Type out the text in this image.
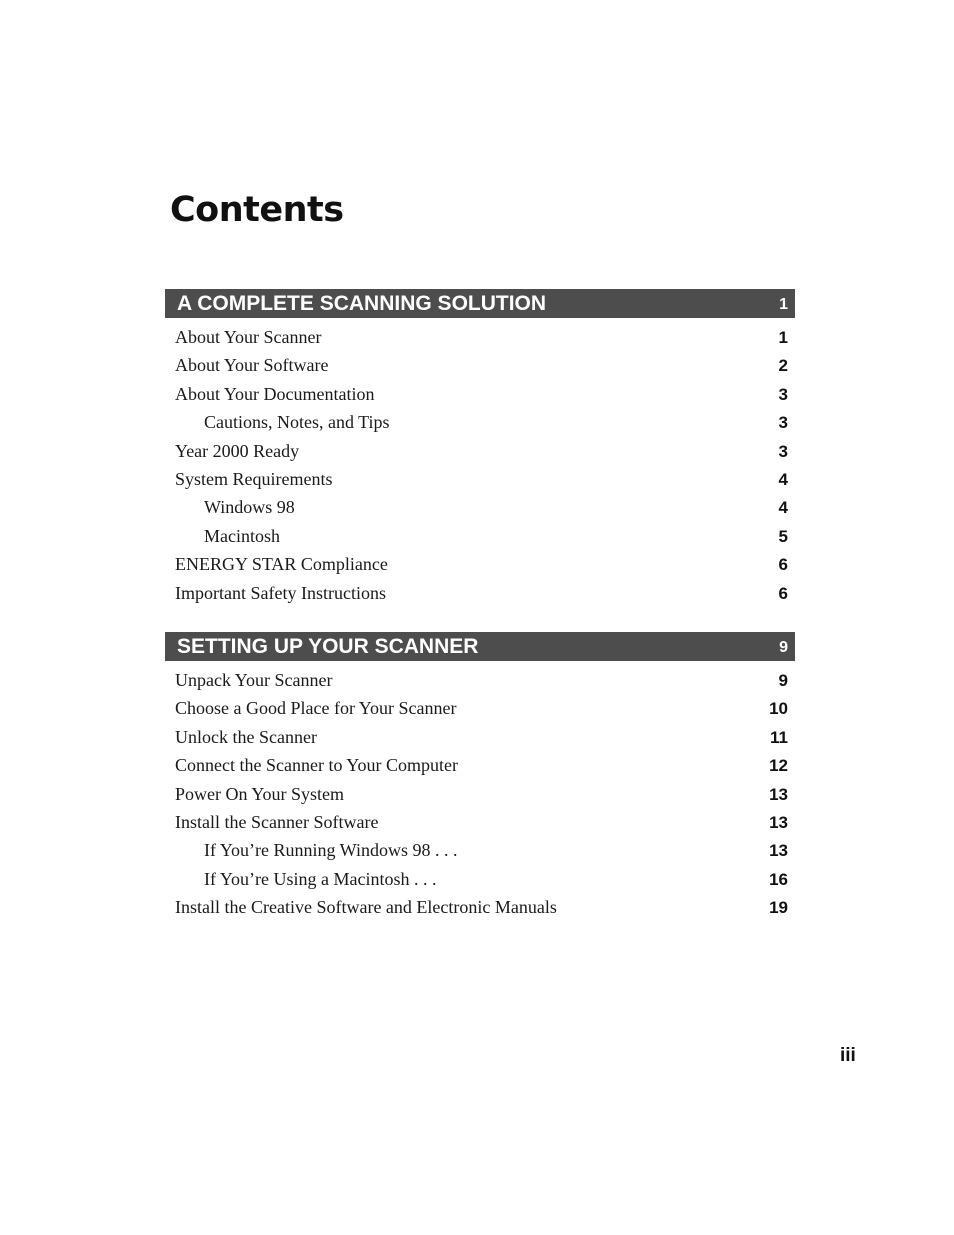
Contents
A COMPLETE SCANNING SOLUTION	1
About Your Scanner	1
About Your Software	2
About Your Documentation	3
Cautions, Notes, and Tips	3
Year 2000 Ready	3
System Requirements	4
Windows 98	4
Macintosh	5
ENERGY STAR Compliance	6
Important Safety Instructions	6
SETTING UP YOUR SCANNER	9
Unpack Your Scanner	9
Choose a Good Place for Your Scanner	10
Unlock the Scanner	11
Connect the Scanner to Your Computer	12
Power On Your System	13
Install the Scanner Software	13
If You’re Running Windows 98 . . .	13
If You’re Using a Macintosh . . .	16
Install the Creative Software and Electronic Manuals	19
iii
